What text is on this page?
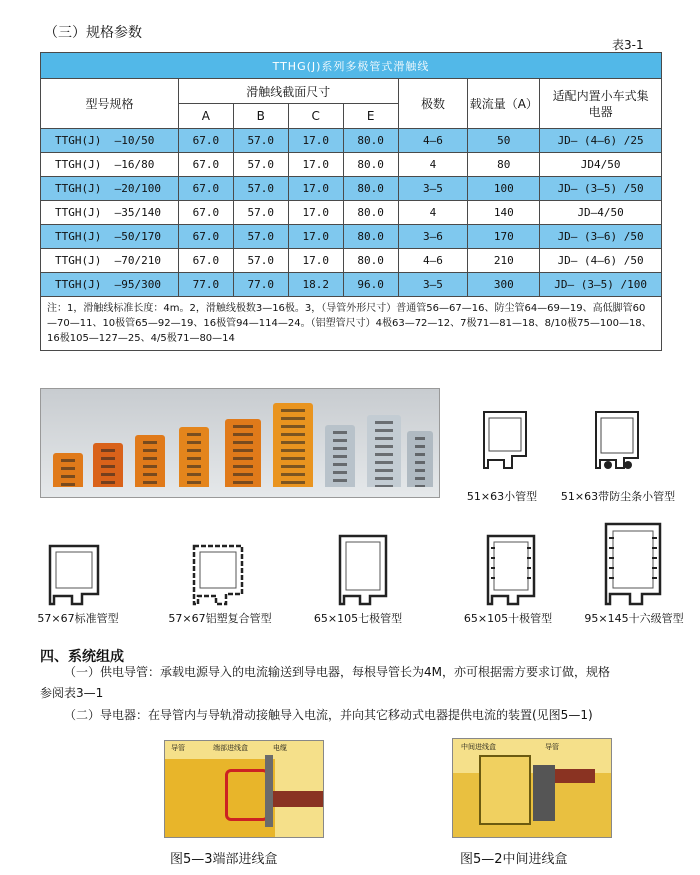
（三）规格参数
表3-1
TTHG(J)系列多极管式滑触线							
型号规格	滑触线截面尺寸				极数	载流量（A）	适配内置小车式集电器
	A	B	C	E			
TTGH(J)  —10/50	67.0	57.0	17.0	80.0	4—6	50	JD— (4—6) /25
TTGH(J)  —16/80	67.0	57.0	17.0	80.0	4	80	JD4/50
TTGH(J)  —20/100	67.0	57.0	17.0	80.0	3—5	100	JD— (3—5) /50
TTGH(J)  —35/140	67.0	57.0	17.0	80.0	4	140	JD—4/50
TTGH(J)  —50/170	67.0	57.0	17.0	80.0	3—6	170	JD— (3—6) /50
TTGH(J)  —70/210	67.0	57.0	17.0	80.0	4—6	210	JD— (4—6) /50
TTGH(J)  —95/300	77.0	77.0	18.2	96.0	3—5	300	JD— (3—5) /100
注：1，滑触线标准长度：4m。2，滑触线极数3—16极。3，（导管外形尺寸）普通管56—67—16、防尘管64—69—19、高低脚管60—70—11、10极管65—92—19、16极管94—114—24。（铝塑管尺寸）4极63—72—12、7极71—81—18、8/10极75—100—18、16极105—127—25、4/5极71—80—14							
51×63小管型	51×63带防尘条小管型
57×67标准管型	57×67铝塑复合管型	65×105七极管型	65×105十极管型	95×145十六级管型
四、系统组成
（一）供电导管：承载电源导入的电流输送到导电器，每根导管长为4M，亦可根据需方要求订做，规格
参阅表3—1
（二）导电器：在导管内与导轨滑动接触导入电流，并向其它移动式电器提供电流的装置(见图5—1)
导管	端部进线盒	电缆
图5—3端部进线盒
中间进线盒	导管
图5—2中间进线盒
